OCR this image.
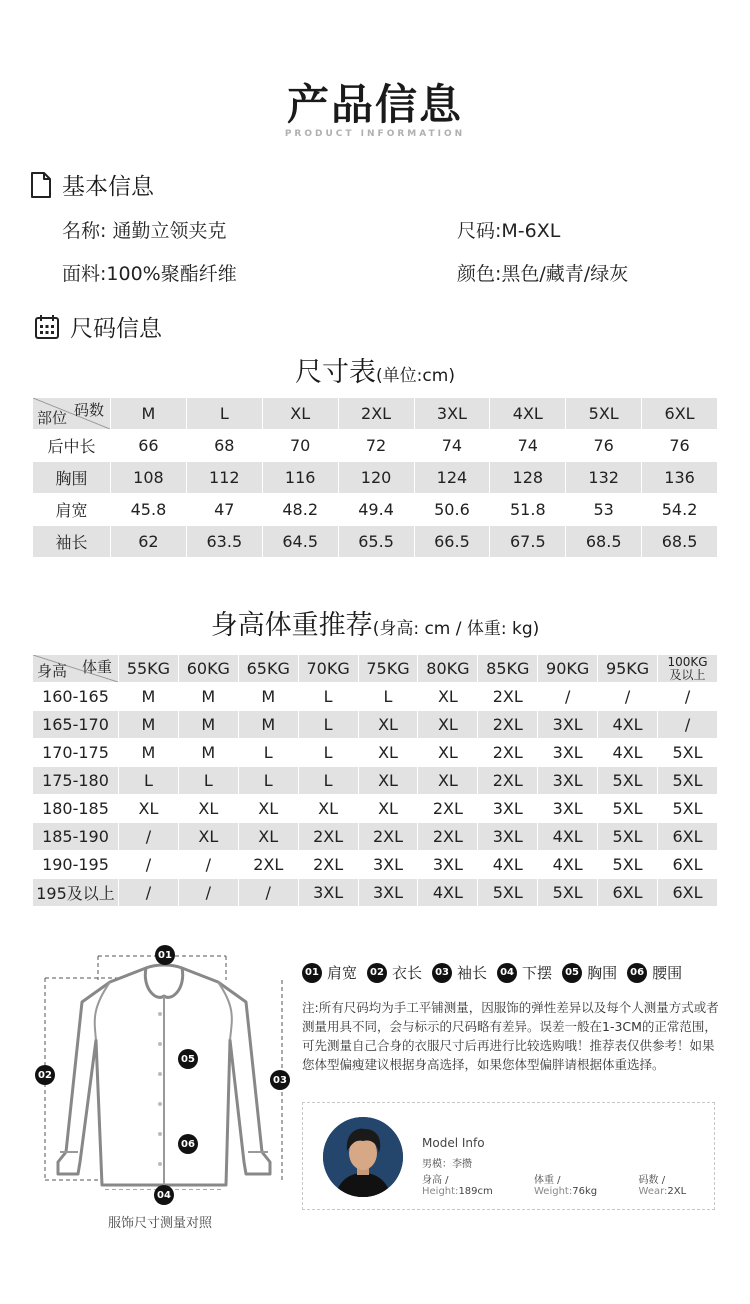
产品信息
PRODUCT INFORMATION
基本信息
名称: 通勤立领夹克	尺码:M-6XL
面料:100%聚酯纤维	颜色:黑色/藏青/绿灰
尺码信息
尺寸表(单位:cm)
码数
部位	M	L	XL	2XL	3XL	4XL	5XL	6XL
后中长	66	68	70	72	74	74	76	76
胸围	108	112	116	120	124	128	132	136
肩宽	45.8	47	48.2	49.4	50.6	51.8	53	54.2
袖长	62	63.5	64.5	65.5	66.5	67.5	68.5	68.5
身高体重推荐(身高: cm / 体重: kg)
体重
身高	55KG	60KG	65KG	70KG	75KG	80KG	85KG	90KG	95KG	100KG
及以上
160-165	M	M	M	L	L	XL	2XL	/	/	/
165-170	M	M	M	L	XL	XL	2XL	3XL	4XL	/
170-175	M	M	L	L	XL	XL	2XL	3XL	4XL	5XL
175-180	L	L	L	L	XL	XL	2XL	3XL	5XL	5XL
180-185	XL	XL	XL	XL	XL	2XL	3XL	3XL	5XL	5XL
185-190	/	XL	XL	2XL	2XL	2XL	3XL	4XL	5XL	6XL
190-195	/	/	2XL	2XL	3XL	3XL	4XL	4XL	5XL	6XL
195及以上	/	/	/	3XL	3XL	4XL	5XL	5XL	6XL	6XL
01
02	03
04
05
06
服饰尺寸测量对照
01 肩宽	02 衣长	03 袖长	04 下摆	05 胸围	06 腰围
注:所有尺码均为手工平铺测量，因服饰的弹性差异以及每个人测量方式或者测量用具不同，会与标示的尺码略有差异。误差一般在1-3CM的正常范围，可先测量自己合身的衣服尺寸后再进行比较选购哦！推荐表仅供参考！如果您体型偏瘦建议根据身高选择，如果您体型偏胖请根据体重选择。
Model Info
男模：李攒
身高 / Height:189cm
体重 / Weight:76kg
码数 / Wear:2XL
